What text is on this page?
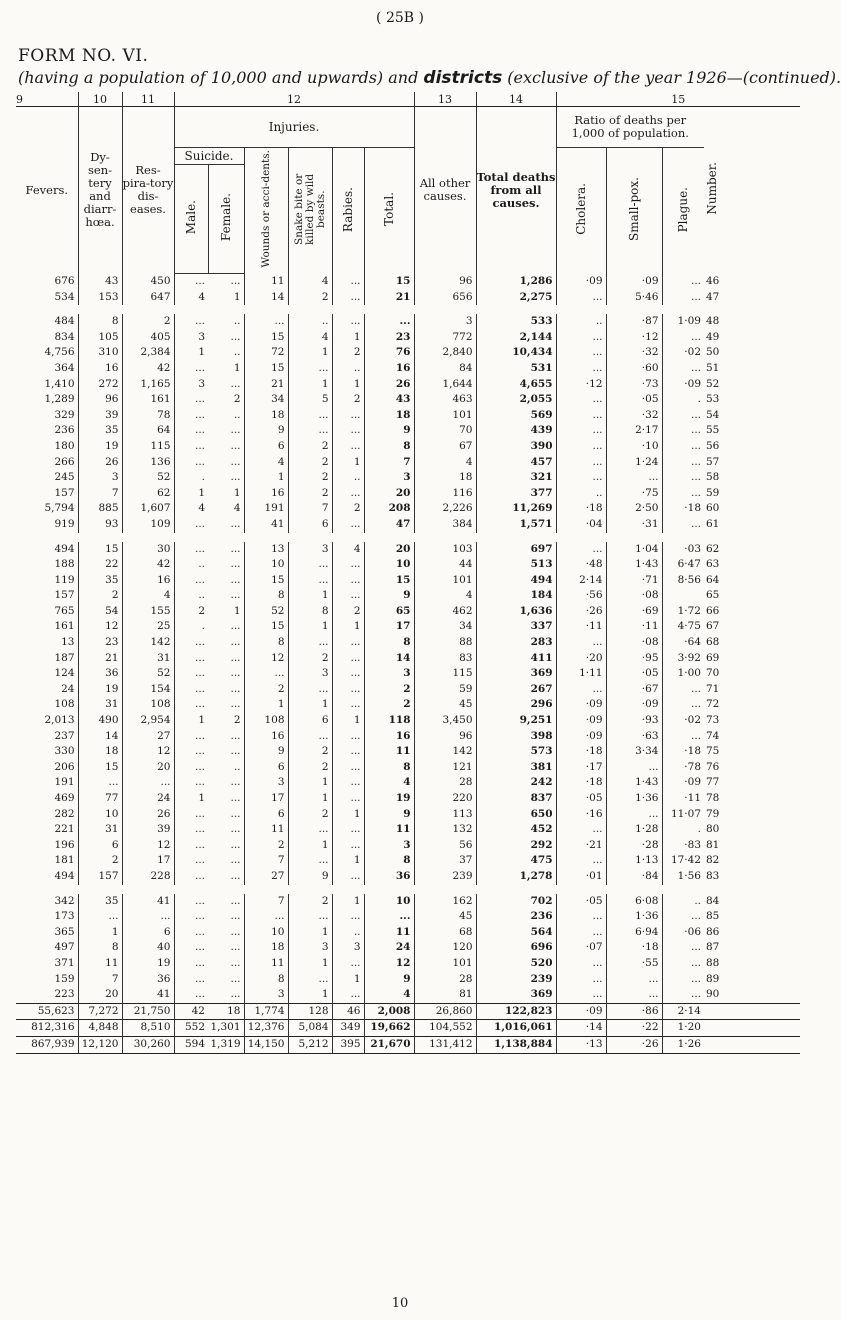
( 25B )
FORM NO. VI.
(having a population of 10,000 and upwards) and districts (exclusive of the year 1926—(continued).
9	10	11	12						13	14	15			
Fevers.	Dy-sen-tery and diarr-hœa.	Res-pira-tory dis-eases.	Injuries.						All other causes.	Total deaths from all causes.	Ratio of deaths per 1,000 of population.			Number.
			Suicide.		Wounds or acci-dents.	Snake bite or killed by wild beasts.	Rabies.	Total.			Cholera.	Small-pox.	Plague.	
			Male.	Female.										
676	43	450	...	...	11	4	...	15	96	1,286	·09	·09	...	46
534	153	647	4	1	14	2	...	21	656	2,275	...	5·46	...	47
484	8	2	...	..	...	..	...	...	3	533	..	·87	1·09	48
834	105	405	3	...	15	4	1	23	772	2,144	...	·12	...	49
4,756	310	2,384	1	..	72	1	2	76	2,840	10,434	...	·32	·02	50
364	16	42	...	1	15	...	..	16	84	531	...	·60	...	51
1,410	272	1,165	3	...	21	1	1	26	1,644	4,655	·12	·73	·09	52
1,289	96	161	...	2	34	5	2	43	463	2,055	...	·05	.	53
329	39	78	...	..	18	...	...	18	101	569	...	·32	...	54
236	35	64	...	...	9	...	...	9	70	439	...	2·17	...	55
180	19	115	...	...	6	2	...	8	67	390	...	·10	...	56
266	26	136	...	...	4	2	1	7	4	457	...	1·24	...	57
245	3	52	.	...	1	2	..	3	18	321	...	...	...	58
157	7	62	1	1	16	2	...	20	116	377	..	·75	...	59
5,794	885	1,607	4	4	191	7	2	208	2,226	11,269	·18	2·50	·18	60
919	93	109	...	...	41	6	...	47	384	1,571	·04	·31	...	61
494	15	30	...	...	13	3	4	20	103	697	...	1·04	·03	62
188	22	42	..	...	10	...	...	10	44	513	·48	1·43	6·47	63
119	35	16	...	...	15	...	...	15	101	494	2·14	·71	8·56	64
157	2	4	..	...	8	1	...	9	4	184	·56	·08		65
765	54	155	2	1	52	8	2	65	462	1,636	·26	·69	1·72	66
161	12	25	.	...	15	1	1	17	34	337	·11	·11	4·75	67
13	23	142	...	...	8	...	...	8	88	283	...	·08	·64	68
187	21	31	...	...	12	2	...	14	83	411	·20	·95	3·92	69
124	36	52	...	...	...	3	...	3	115	369	1·11	·05	1·00	70
24	19	154	...	...	2	...	...	2	59	267	...	·67	...	71
108	31	108	...	...	1	1	...	2	45	296	·09	·09	...	72
2,013	490	2,954	1	2	108	6	1	118	3,450	9,251	·09	·93	·02	73
237	14	27	...	...	16	...	...	16	96	398	·09	·63	...	74
330	18	12	...	...	9	2	...	11	142	573	·18	3·34	·18	75
206	15	20	...	..	6	2	...	8	121	381	·17	...	·78	76
191	...	...	...	...	3	1	...	4	28	242	·18	1·43	·09	77
469	77	24	1	...	17	1	...	19	220	837	·05	1·36	·11	78
282	10	26	...	...	6	2	1	9	113	650	·16	...	11·07	79
221	31	39	...	...	11	...	...	11	132	452	...	1·28	.	80
196	6	12	...	...	2	1	...	3	56	292	·21	·28	·83	81
181	2	17	...	...	7	...	1	8	37	475	...	1·13	17·42	82
494	157	228	...	...	27	9	...	36	239	1,278	·01	·84	1·56	83
342	35	41	...	...	7	2	1	10	162	702	·05	6·08	..	84
173	...	...	...	...	...	...	...	...	45	236	...	1·36	...	85
365	1	6	...	...	10	1	..	11	68	564	...	6·94	·06	86
497	8	40	...	...	18	3	3	24	120	696	·07	·18	...	87
371	11	19	...	...	11	1	...	12	101	520	...	·55	...	88
159	7	36	...	...	8	...	1	9	28	239	...	...	...	89
223	20	41	...	...	3	1	...	4	81	369	...	...	...	90
55,623	7,272	21,750	42	18	1,774	128	46	2,008	26,860	122,823	·09	·86	2·14	
812,316	4,848	8,510	552	1,301	12,376	5,084	349	19,662	104,552	1,016,061	·14	·22	1·20	
867,939	12,120	30,260	594	1,319	14,150	5,212	395	21,670	131,412	1,138,884	·13	·26	1·26	
10
